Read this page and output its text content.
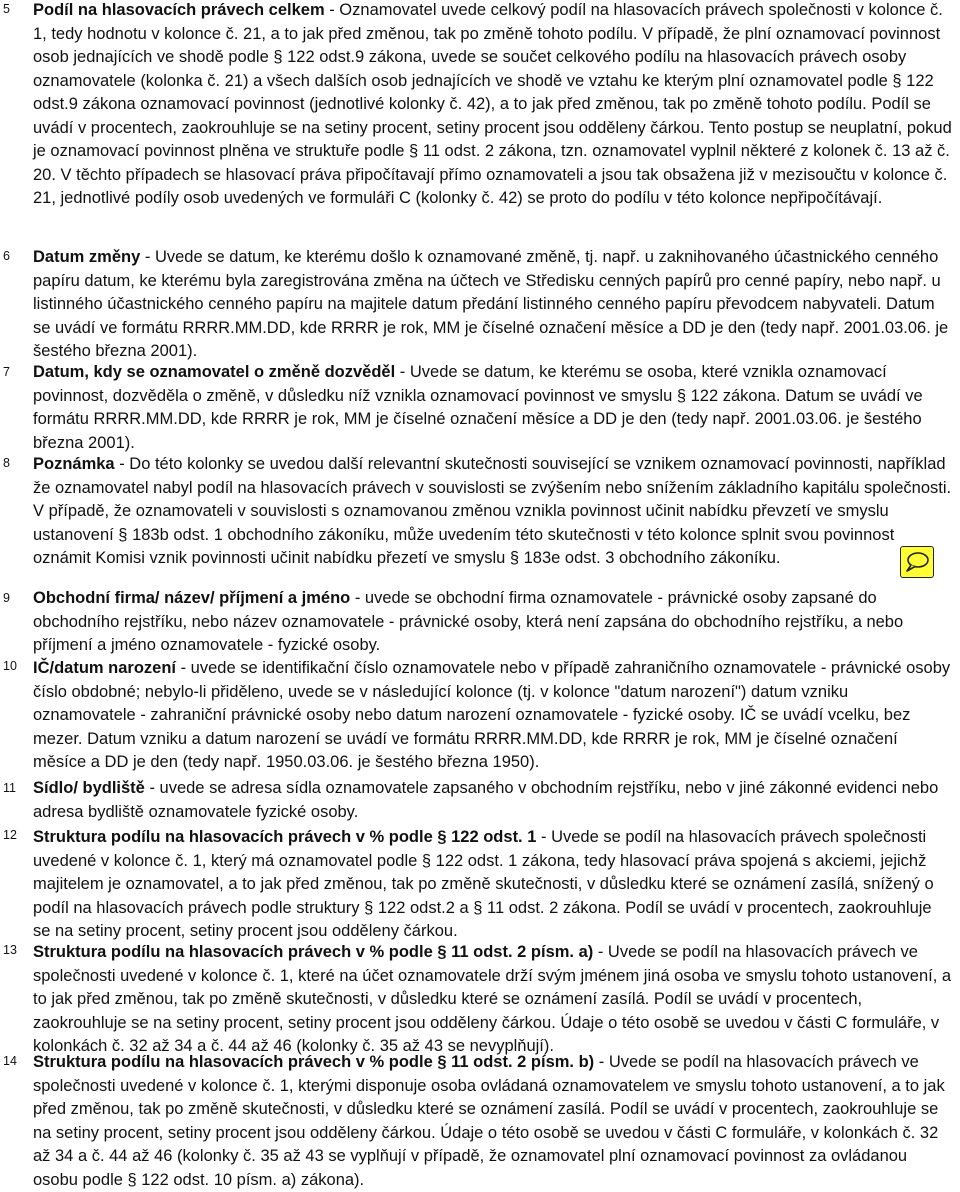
5 Podíl na hlasovacích právech celkem - Oznamovatel uvede celkový podíl na hlasovacích právech společnosti v kolonce č. 1, tedy hodnotu v kolonce č. 21, a to jak před změnou, tak po změně tohoto podílu. V případě, že plní oznamovací povinnost osob jednajících ve shodě podle § 122 odst.9 zákona, uvede se součet celkového podílu na hlasovacích právech osoby oznamovatele (kolonka č. 21) a všech dalších osob jednajících ve shodě ve vztahu ke kterým plní oznamovatel podle § 122 odst.9 zákona oznamovací povinnost (jednotlivé kolonky č. 42), a to jak před změnou, tak po změně tohoto podílu. Podíl se uvádí v procentech, zaokrouhluje se na setiny procent, setiny procent jsou odděleny čárkou. Tento postup se neuplatní, pokud je oznamovací povinnost plněna ve struktuře podle § 11 odst. 2 zákona, tzn. oznamovatel vyplnil některé z kolonek č. 13 až č. 20. V těchto případech se hlasovací práva připočítavají přímo oznamovateli a jsou tak obsažena již v mezisoučtu v kolonce č. 21, jednotlivé podíly osob uvedených ve formuláři C (kolonky č. 42) se proto do podílu v této kolonce nepřipočítávají.
6 Datum změny - Uvede se datum, ke kterému došlo k oznamované změně, tj. např. u zaknihovaného účastnického cenného papíru datum, ke kterému byla zaregistrována změna na účtech ve Středisku cenných papírů pro cenné papíry, nebo např. u listinného účastnického cenného papíru na majitele datum předání listinného cenného papíru převodcem nabyvateli. Datum se uvádí ve formátu RRRR.MM.DD, kde RRRR je rok, MM je číselné označení měsíce a DD je den (tedy např. 2001.03.06. je šestého března 2001).
7 Datum, kdy se oznamovatel o změně dozvěděl - Uvede se datum, ke kterému se osoba, které vznikla oznamovací povinnost, dozvěděla o změně, v důsledku níž vznikla oznamovací povinnost ve smyslu § 122 zákona. Datum se uvádí ve formátu RRRR.MM.DD, kde RRRR je rok, MM je číselné označení měsíce a DD je den (tedy např. 2001.03.06. je šestého března 2001).
8 Poznámka - Do této kolonky se uvedou další relevantní skutečnosti související se vznikem oznamovací povinnosti, například že oznamovatel nabyl podíl na hlasovacích právech v souvislosti se zvýšením nebo snížením základního kapitálu společnosti.
V případě, že oznamovateli v souvislosti s oznamovanou změnou vznikla povinnost učinit nabídku převzetí ve smyslu ustanovení § 183b odst. 1 obchodního zákoníku, může uvedením této skutečnosti v této kolonce splnit svou povinnost oznámit Komisi vznik povinnosti učinit nabídku přezetí ve smyslu § 183e odst. 3 obchodního zákoníku.
9 Obchodní firma/ název/ příjmení a jméno - uvede se obchodní firma oznamovatele - právnické osoby zapsané do obchodního rejstříku, nebo název oznamovatele - právnické osoby, která není zapsána do obchodního rejstříku, a nebo příjmení a jméno oznamovatele - fyzické osoby.
10 IČ/datum narození - uvede se identifikační číslo oznamovatele nebo v případě zahraničního oznamovatele - právnické osoby číslo obdobné; nebylo-li přiděleno, uvede se v následující kolonce (tj. v kolonce "datum narození") datum vzniku oznamovatele - zahraniční právnické osoby nebo datum narození oznamovatele - fyzické osoby. IČ se uvádí vcelku, bez mezer. Datum vzniku a datum narození se uvádí ve formátu RRRR.MM.DD, kde RRRR je rok, MM je číselné označení měsíce a DD je den (tedy např. 1950.03.06. je šestého března 1950).
11 Sídlo/ bydliště - uvede se adresa sídla oznamovatele zapsaného v obchodním rejstříku, nebo v jiné zákonné evidenci nebo adresa bydliště oznamovatele fyzické osoby.
12 Struktura podílu na hlasovacích právech v % podle § 122 odst. 1 - Uvede se podíl na hlasovacích právech společnosti uvedené v kolonce č. 1, který má oznamovatel podle § 122 odst. 1 zákona, tedy hlasovací práva spojená s akciemi, jejichž majitelem je oznamovatel, a to jak před změnou, tak po změně skutečnosti, v důsledku které se oznámení zasílá, snížený o podíl na hlasovacích právech podle struktury § 122 odst.2 a § 11 odst. 2 zákona. Podíl se uvádí v procentech, zaokrouhluje se na setiny procent, setiny procent jsou odděleny čárkou.
13 Struktura podílu na hlasovacích právech v % podle § 11 odst. 2 písm. a) - Uvede se podíl na hlasovacích právech ve společnosti uvedené v kolonce č. 1, které na účet oznamovatele drží svým jménem jiná osoba ve smyslu tohoto ustanovení, a to jak před změnou, tak po změně skutečnosti, v důsledku které se oznámení zasílá. Podíl se uvádí v procentech, zaokrouhluje se na setiny procent, setiny procent jsou odděleny čárkou. Údaje o této osobě se uvedou v části C formuláře, v kolonkách č. 32 až 34 a č. 44 až 46 (kolonky č. 35 až 43 se nevyplňují).
14 Struktura podílu na hlasovacích právech v % podle § 11 odst. 2 písm. b) - Uvede se podíl na hlasovacích právech ve společnosti uvedené v kolonce č. 1, kterými disponuje osoba ovládaná oznamovatelem ve smyslu tohoto ustanovení, a to jak před změnou, tak po změně skutečnosti, v důsledku které se oznámení zasílá. Podíl se uvádí v procentech, zaokrouhluje se na setiny procent, setiny procent jsou odděleny čárkou. Údaje o této osobě se uvedou v části C formuláře, v kolonkách č. 32 až 34 a č. 44 až 46 (kolonky č. 35 až 43 se vyplňují v případě, že oznamovatel plní oznamovací povinnost za ovládanou osobu podle § 122 odst. 10 písm. a) zákona).
